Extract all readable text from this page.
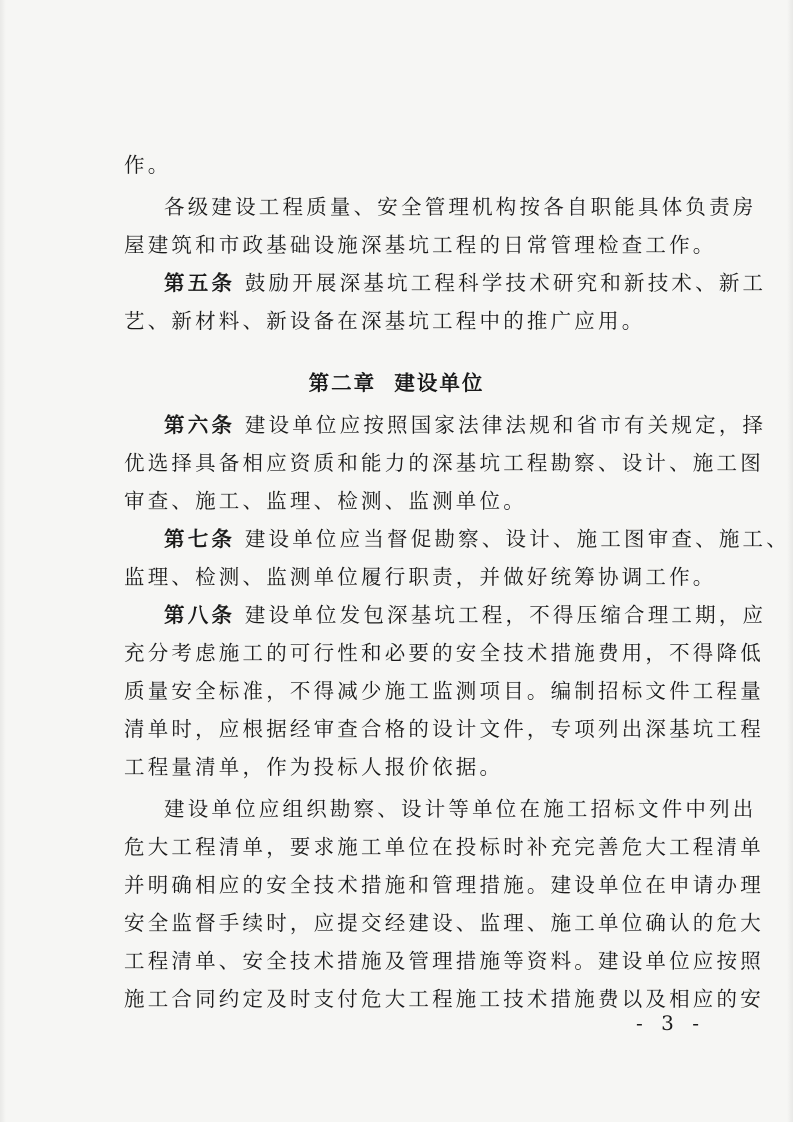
作。
各级建设工程质量、安全管理机构按各自职能具体负责房
屋建筑和市政基础设施深基坑工程的日常管理检查工作。
第五条 鼓励开展深基坑工程科学技术研究和新技术、新工
艺、新材料、新设备在深基坑工程中的推广应用。
第二章 建设单位
第六条 建设单位应按照国家法律法规和省市有关规定，择
优选择具备相应资质和能力的深基坑工程勘察、设计、施工图
审查、施工、监理、检测、监测单位。
第七条 建设单位应当督促勘察、设计、施工图审查、施工、
监理、检测、监测单位履行职责，并做好统筹协调工作。
第八条 建设单位发包深基坑工程，不得压缩合理工期，应
充分考虑施工的可行性和必要的安全技术措施费用，不得降低
质量安全标准，不得减少施工监测项目。编制招标文件工程量
清单时，应根据经审查合格的设计文件，专项列出深基坑工程
工程量清单，作为投标人报价依据。
建设单位应组织勘察、设计等单位在施工招标文件中列出
危大工程清单，要求施工单位在投标时补充完善危大工程清单
并明确相应的安全技术措施和管理措施。建设单位在申请办理
安全监督手续时，应提交经建设、监理、施工单位确认的危大
工程清单、安全技术措施及管理措施等资料。建设单位应按照
施工合同约定及时支付危大工程施工技术措施费以及相应的安
- 3 -
